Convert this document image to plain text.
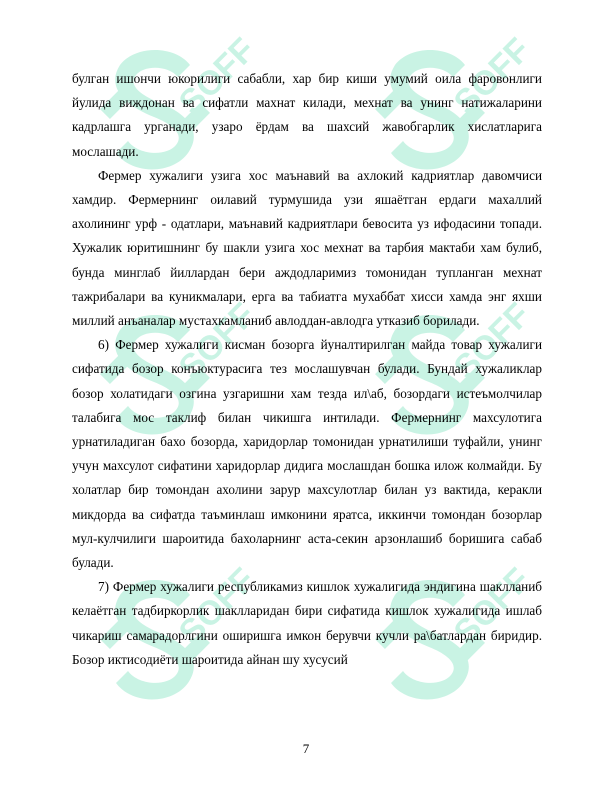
SOFF	SOFF
SOFF	SOFF
SOFF	SOFF

булган ишончи юкорилиги сабабли, хар бир киши умумий оила фаровонлиги йулида виждонан ва сифатли махнат килади, мехнат ва унинг натижаларини кадрлашга урганади, узаро ёрдам ва шахсий жавобгарлик хислатларига мослашади.

Фермер хужалиги узига хос маънавий ва ахлокий кадриятлар давомчиси хамдир. Фермернинг оилавий турмушида узи яшаётган ердаги махаллий ахолининг урф - одатлари, маънавий кадриятлари бевосита уз ифодасини топади. Хужалик юритишнинг бу шакли узига хос мехнат ва тарбия мактаби хам булиб, бунда минглаб йиллардан бери аждодларимиз томонидан тупланган мехнат тажрибалари ва куникмалари, ерга ва табиатга мухаббат хисси хамда энг яхши миллий анъаналар мустахкамланиб авлоддан-авлодга утказиб борилади.

6) Фермер хужалиги кисман бозорга йуналтирилган майда товар хужалиги сифатида бозор конъюктурасига тез мослашувчан булади. Бундай хужаликлар бозор холатидаги озгина узгаришни хам тезда ил\аб, бозордаги истеъмолчилар талабига мос таклиф билан чикишга интилади. Фермернинг махсулотига урнатиладиган бахо бозорда, харидорлар томонидан урнатилиши туфайли, унинг учун махсулот сифатини харидорлар дидига мослашдан бошка илож колмайди. Бу холатлар бир томондан ахолини зарур махсулотлар билан уз вактида, керакли микдорда ва сифатда таъминлаш имконини яратса, иккинчи томондан бозорлар мул-кулчилиги шароитида бахоларнинг аста-секин арзонлашиб боришига сабаб булади.

7) Фермер хужалиги республикамиз кишлок хужалигида эндигина шаклланиб келаётган тадбиркорлик шаклларидан бири сифатида кишлок хужалигида ишлаб чикариш самарадорлгини оширишга имкон берувчи кучли ра\батлардан биридир. Бозор иктисодиёти шароитида айнан шу хусусий

7
